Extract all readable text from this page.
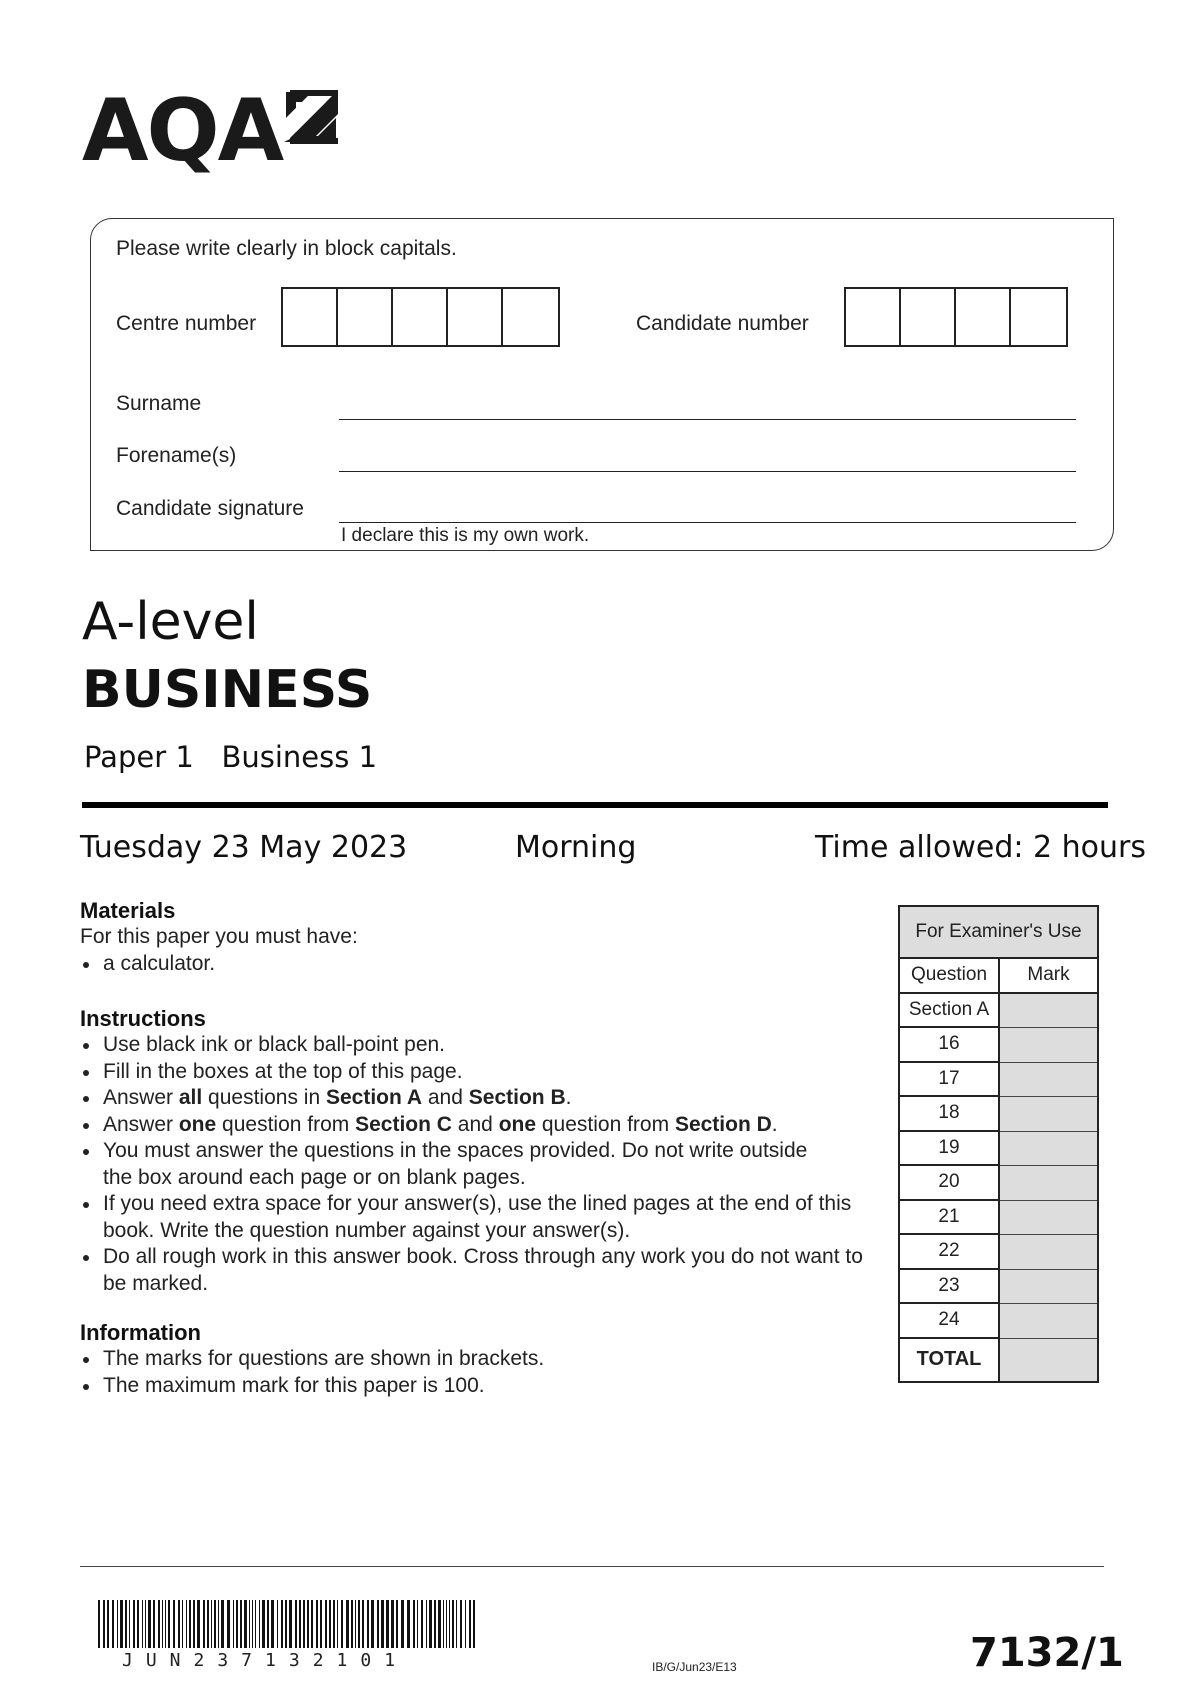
AQA
Please write clearly in block capitals.
Centre number	Candidate number
Surname
Forename(s)
Candidate signature
I declare this is my own work.
A-level
BUSINESS
Paper 1 Business 1
Tuesday 23 May 2023	Morning	Time allowed: 2 hours
Materials
For this paper you must have:
a calculator.
Instructions
Use black ink or black ball-point pen.
Fill in the boxes at the top of this page.
Answer all questions in Section A and Section B.
Answer one question from Section C and one question from Section D.
You must answer the questions in the spaces provided. Do not write outside the box around each page or on blank pages.
If you need extra space for your answer(s), use the lined pages at the end of this book. Write the question number against your answer(s).
Do all rough work in this answer book. Cross through any work you do not want to be marked.
Information
The marks for questions are shown in brackets.
The maximum mark for this paper is 100.
For Examiner's Use
Question	Mark
Section A
16
17
18
19
20
21
22
23
24
TOTAL
JUN237132101	IB/G/Jun23/E13	7132/1
